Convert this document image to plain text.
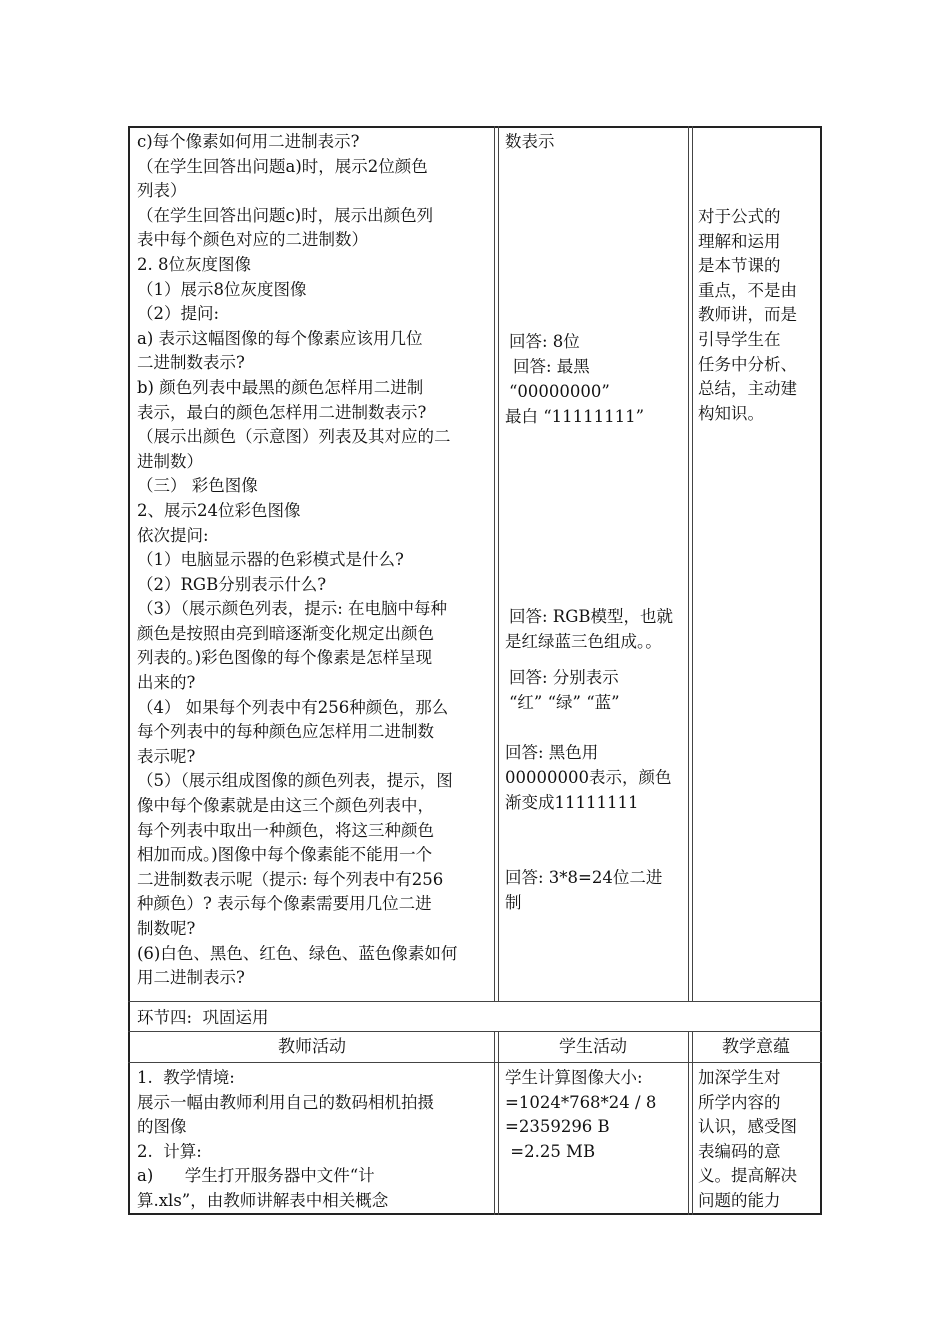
c)每个像素如何用二进制表示?
（在学生回答出问题a)时，展示2位颜色
列表）
（在学生回答出问题c)时，展示出颜色列
表中每个颜色对应的二进制数）
2. 8位灰度图像
（1）展示8位灰度图像
（2）提问:
a) 表示这幅图像的每个像素应该用几位
二进制数表示?
b) 颜色列表中最黑的颜色怎样用二进制
表示，最白的颜色怎样用二进制数表示?
（展示出颜色（示意图）列表及其对应的二
进制数）
（三） 彩色图像
2、展示24位彩色图像
依次提问:
（1）电脑显示器的色彩模式是什么?
（2）RGB分别表示什么?
（3）（展示颜色列表，提示: 在电脑中每种
颜色是按照由亮到暗逐渐变化规定出颜色
列表的。)彩色图像的每个像素是怎样呈现
出来的?
（4） 如果每个列表中有256种颜色，那么
每个列表中的每种颜色应怎样用二进制数
表示呢?
（5）（展示组成图像的颜色列表，提示，图
像中每个像素就是由这三个颜色列表中，
每个列表中取出一种颜色，将这三种颜色
相加而成。)图像中每个像素能不能用一个
二进制数表示呢（提示: 每个列表中有256
种颜色）? 表示每个像素需要用几位二进
制数呢?
(6)白色、黑色、红色、绿色、蓝色像素如何
用二进制表示?
数表示
回答: 8位
回答: 最黑
“00000000”
最白 “11111111”
回答: RGB模型，也就
是红绿蓝三色组成。。
回答: 分别表示
“红” “绿” “蓝”
回答: 黑色用
00000000表示，颜色
渐变成11111111
回答: 3*8=24位二进
制
对于公式的
理解和运用
是本节课的
重点，不是由
教师讲，而是
引导学生在
任务中分析、
总结，主动建
构知识。
环节四:  巩固运用
教师活动	学生活动	教学意蕴
1.  教学情境:
展示一幅由教师利用自己的数码相机拍摄
的图像
2.  计算:
a)      学生打开服务器中文件“计
算.xls”，由教师讲解表中相关概念
学生计算图像大小:
=1024*768*24 / 8
=2359296 B
=2.25 MB
加深学生对
所学内容的
认识，感受图
表编码的意
义。提高解决
问题的能力
